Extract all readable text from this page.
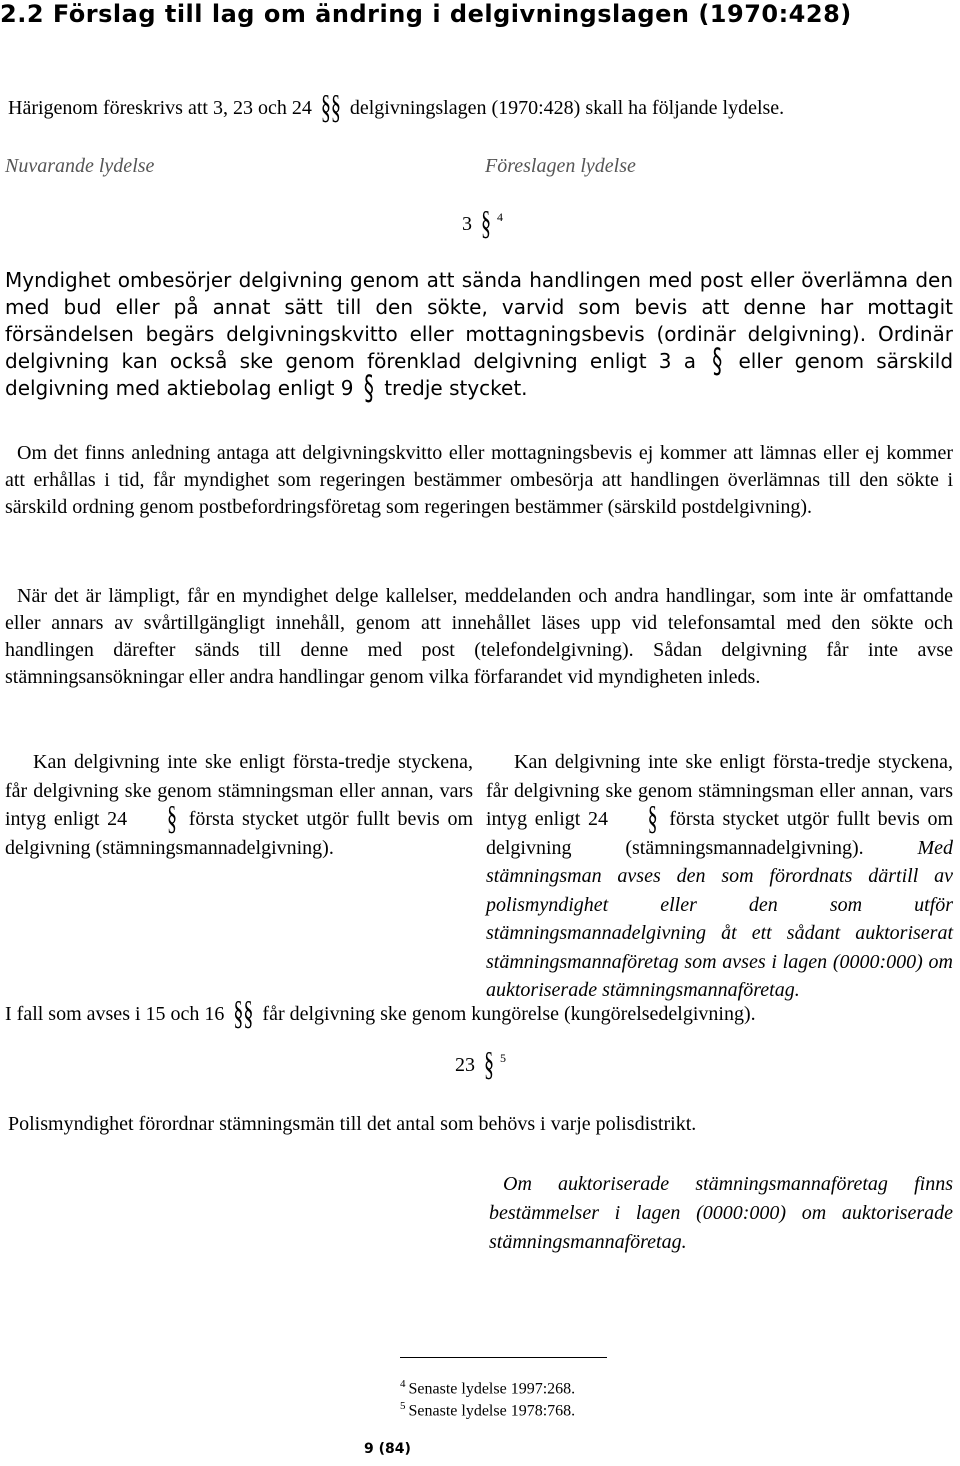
2.2 Förslag till lag om ändring i delgivningslagen (1970:428)
Härigenom föreskrivs att 3, 23 och 24 §§ delgivningslagen (1970:428) skall ha följande lydelse.
Nuvarande lydelse	Föreslagen lydelse
3 § $^4$
Myndighet ombesörjer delgivning genom att sända handlingen med post eller överlämna den med bud eller på annat sätt till den sökte, varvid som bevis att denne har mottagit försändelsen begärs delgivningskvitto eller mottagningsbevis (ordinär delgivning). Ordinär delgivning kan också ske genom förenklad delgivning enligt 3 a § eller genom särskild delgivning med aktiebolag enligt 9 § tredje stycket.
Om det finns anledning antaga att delgivningskvitto eller mottagningsbevis ej kommer att lämnas eller ej kommer att erhållas i tid, får myndighet som regeringen bestämmer ombesörja att handlingen överlämnas till den sökte i särskild ordning genom postbefordringsföretag som regeringen bestämmer (särskild postdelgivning).
När det är lämpligt, får en myndighet delge kallelser, meddelanden och andra handlingar, som inte är omfattande eller annars av svårtillgängligt innehåll, genom att innehållet läses upp vid telefonsamtal med den sökte och handlingen därefter sänds till denne med post (telefondelgivning). Sådan delgivning får inte avse stämningsansökningar eller andra handlingar genom vilka förfarandet vid myndigheten inleds.
Kan delgivning inte ske enligt första-tredje styckena, får delgivning ske genom stämningsman eller annan, vars intyg enligt 24 § första stycket utgör fullt bevis om delgivning (stämningsmannadelgivning).
Kan delgivning inte ske enligt första-tredje styckena, får delgivning ske genom stämningsman eller annan, vars intyg enligt 24 § första stycket utgör fullt bevis om delgivning (stämningsmannadelgivning).	Med stämningsman avses den som förordnats därtill av polismyndighet eller den som utför stämningsmannadelgivning åt ett sådant auktoriserat stämningsmannaföretag som avses i lagen (0000:000) om auktoriserade stämningsmannaföretag.
I fall som avses i 15 och 16 §§ får delgivning ske genom kungörelse (kungörelsedelgivning).
23 § $^5$
Polismyndighet förordnar stämningsmän till det antal som behövs i varje polisdistrikt.
Om auktoriserade stämningsmannaföretag finns bestämmelser i lagen (0000:000) om auktoriserade stämningsmannaföretag.
$^4$ Senaste lydelse 1997:268.
$^5$ Senaste lydelse 1978:768.
9 (84)
